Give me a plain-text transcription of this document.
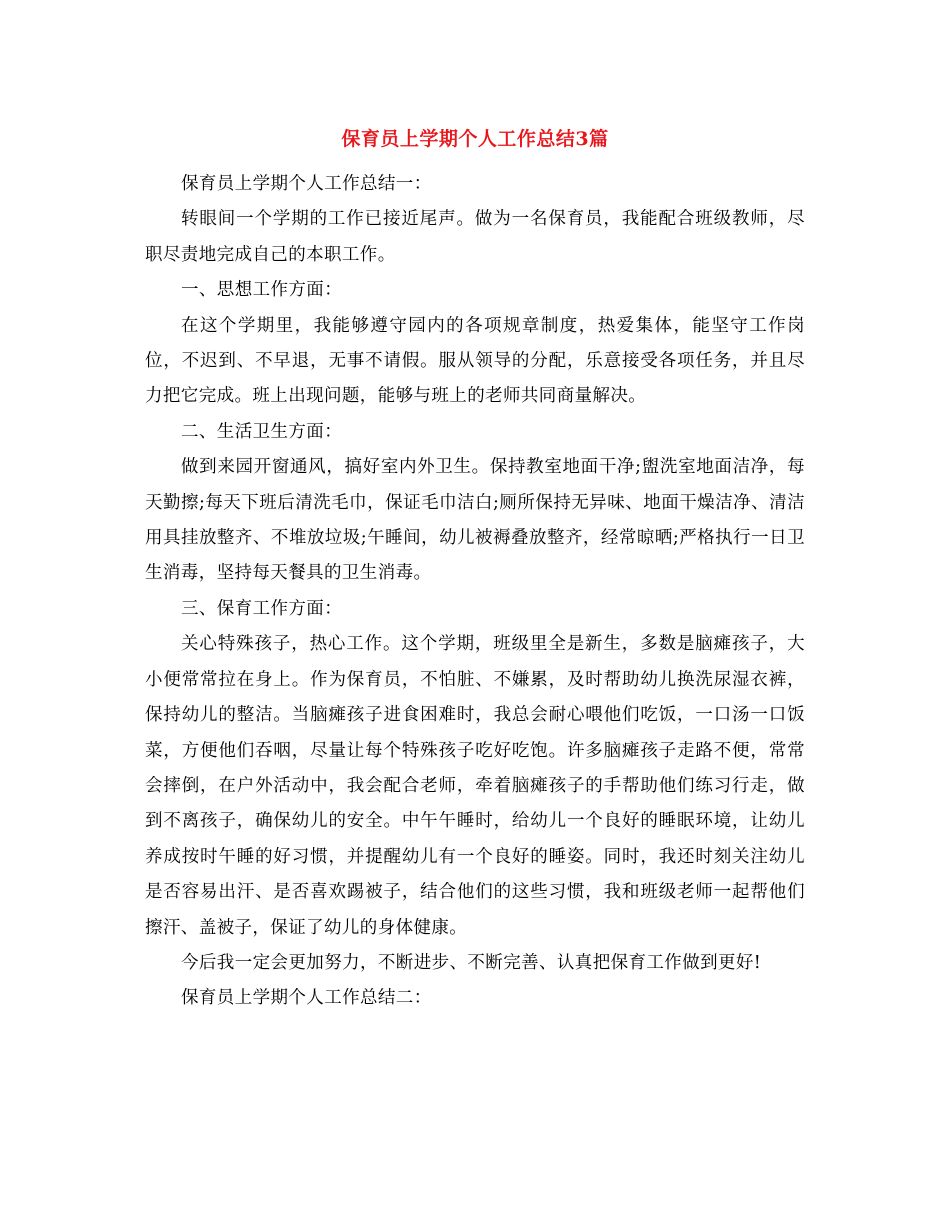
保育员上学期个人工作总结3篇

保育员上学期个人工作总结一：

转眼间一个学期的工作已接近尾声。做为一名保育员，我能配合班级教师，尽职尽责地完成自己的本职工作。

一、思想工作方面：

在这个学期里，我能够遵守园内的各项规章制度，热爱集体，能坚守工作岗位，不迟到、不早退，无事不请假。服从领导的分配，乐意接受各项任务，并且尽力把它完成。班上出现问题，能够与班上的老师共同商量解决。

二、生活卫生方面：

做到来园开窗通风，搞好室内外卫生。保持教室地面干净;盥洗室地面洁净，每天勤擦;每天下班后清洗毛巾，保证毛巾洁白;厕所保持无异味、地面干燥洁净、清洁用具挂放整齐、不堆放垃圾;午睡间，幼儿被褥叠放整齐，经常晾晒;严格执行一日卫生消毒，坚持每天餐具的卫生消毒。

三、保育工作方面：

关心特殊孩子，热心工作。这个学期，班级里全是新生，多数是脑瘫孩子，大小便常常拉在身上。作为保育员，不怕脏、不嫌累，及时帮助幼儿换洗尿湿衣裤，保持幼儿的整洁。当脑瘫孩子进食困难时，我总会耐心喂他们吃饭，一口汤一口饭菜，方便他们吞咽，尽量让每个特殊孩子吃好吃饱。许多脑瘫孩子走路不便，常常会摔倒，在户外活动中，我会配合老师，牵着脑瘫孩子的手帮助他们练习行走，做到不离孩子，确保幼儿的安全。中午午睡时，给幼儿一个良好的睡眠环境，让幼儿养成按时午睡的好习惯，并提醒幼儿有一个良好的睡姿。同时，我还时刻关注幼儿是否容易出汗、是否喜欢踢被子，结合他们的这些习惯，我和班级老师一起帮他们擦汗、盖被子，保证了幼儿的身体健康。

今后我一定会更加努力，不断进步、不断完善、认真把保育工作做到更好!

保育员上学期个人工作总结二：
